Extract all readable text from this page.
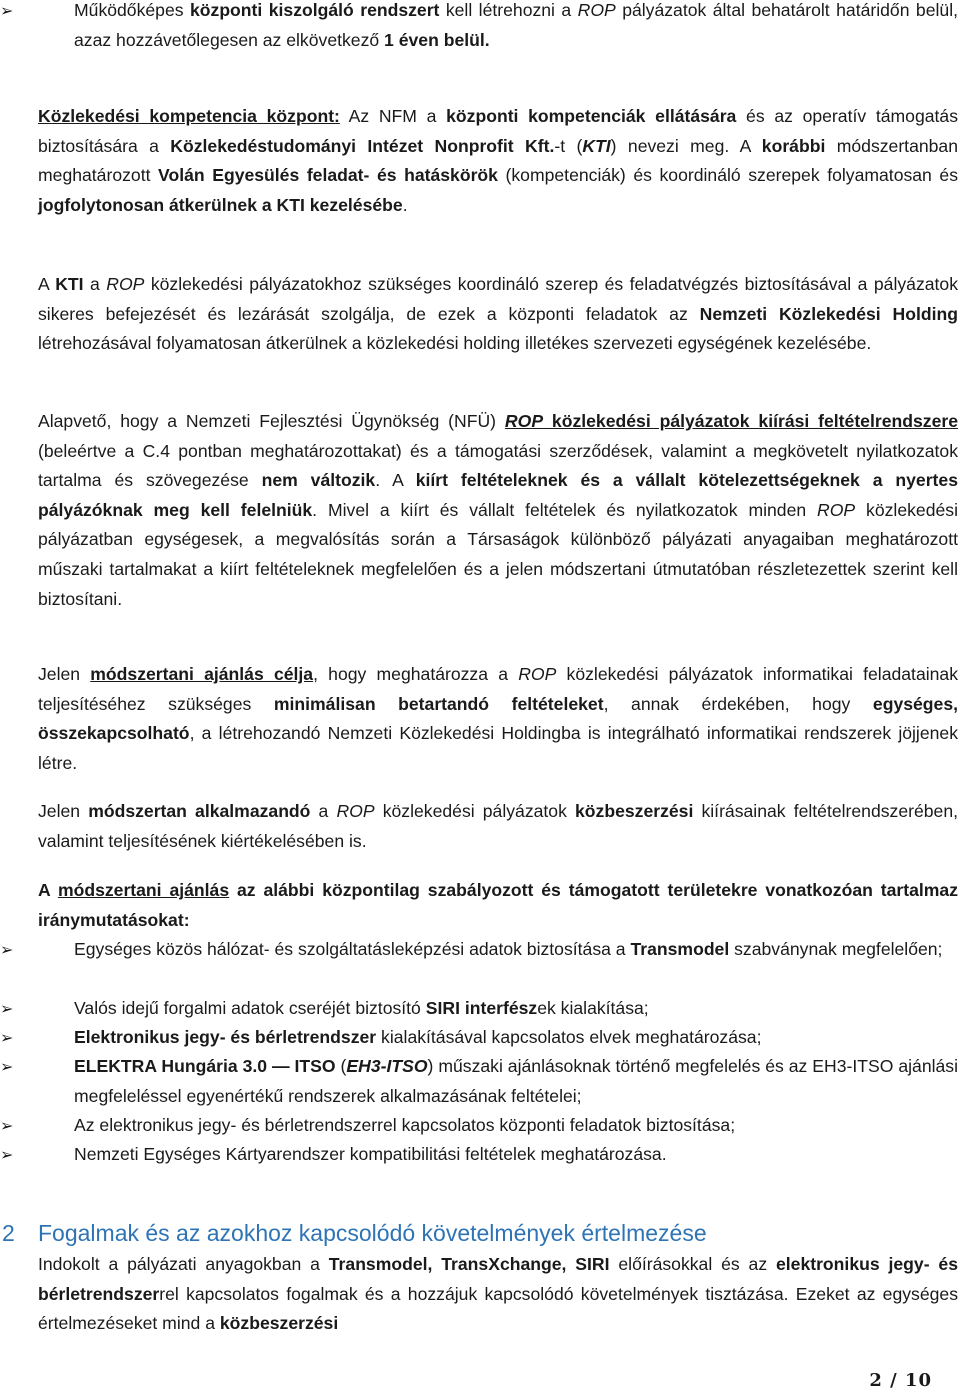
➢	Működőképes központi kiszolgáló rendszert kell létrehozni a ROP pályázatok által behatárolt határidőn belül, azaz hozzávetőlegesen az elkövetkező 1 éven belül.
Közlekedési kompetencia központ: Az NFM a központi kompetenciák ellátására és az operatív támogatás biztosítására a Közlekedéstudományi Intézet Nonprofit Kft.-t (KTI) nevezi meg. A korábbi módszertanban meghatározott Volán Egyesülés feladat- és hatáskörök (kompetenciák) és koordináló szerepek folyamatosan és jogfolytonosan átkerülnek a KTI kezelésébe.
A KTI a ROP közlekedési pályázatokhoz szükséges koordináló szerep és feladatvégzés biztosításával a pályázatok sikeres befejezését és lezárását szolgálja, de ezek a központi feladatok az Nemzeti Közlekedési Holding létrehozásával folyamatosan átkerülnek a közlekedési holding illetékes szervezeti egységének kezelésébe.
Alapvető, hogy a Nemzeti Fejlesztési Ügynökség (NFÜ) ROP közlekedési pályázatok kiírási feltételrendszere (beleértve a C.4 pontban meghatározottakat) és a támogatási szerződések, valamint a megkövetelt nyilatkozatok tartalma és szövegezése nem változik. A kiírt feltételeknek és a vállalt kötelezettségeknek a nyertes pályázóknak meg kell felelniük. Mivel a kiírt és vállalt feltételek és nyilatkozatok minden ROP közlekedési pályázatban egységesek, a megvalósítás során a Társaságok különböző pályázati anyagaiban meghatározott műszaki tartalmakat a kiírt feltételeknek megfelelően és a jelen módszertani útmutatóban részletezettek szerint kell biztosítani.
Jelen módszertani ajánlás célja, hogy meghatározza a ROP közlekedési pályázatok informatikai feladatainak teljesítéséhez szükséges minimálisan betartandó feltételeket, annak érdekében, hogy egységes, összekapcsolható, a létrehozandó Nemzeti Közlekedési Holdingba is integrálható informatikai rendszerek jöjjenek létre.
Jelen módszertan alkalmazandó a ROP közlekedési pályázatok közbeszerzési kiírásainak feltételrendszerében, valamint teljesítésének kiértékelésében is.
A módszertani ajánlás az alábbi központilag szabályozott és támogatott területekre vonatkozóan tartalmaz iránymutatásokat:
➢	Egységes közös hálózat- és szolgáltatásleképzési adatok biztosítása a Transmodel szabványnak megfelelően;
➢	Valós idejű forgalmi adatok cseréjét biztosító SIRI interfészek kialakítása;
➢	Elektronikus jegy- és bérletrendszer kialakításával kapcsolatos elvek meghatározása;
➢	ELEKTRA Hungária 3.0 — ITSO (EH3-ITSO) műszaki ajánlásoknak történő megfelelés és az EH3-ITSO ajánlási megfeleléssel egyenértékű rendszerek alkalmazásának feltételei;
➢	Az elektronikus jegy- és bérletrendszerrel kapcsolatos központi feladatok biztosítása;
➢	Nemzeti Egységes Kártyarendszer kompatibilitási feltételek meghatározása.
2 Fogalmak és az azokhoz kapcsolódó követelmények értelmezése
Indokolt a pályázati anyagokban a Transmodel, TransXchange, SIRI előírásokkal és az elektronikus jegy- és bérletrendszerrel kapcsolatos fogalmak és a hozzájuk kapcsolódó követelmények tisztázása. Ezeket az egységes értelmezéseket mind a közbeszerzési
2 / 10
